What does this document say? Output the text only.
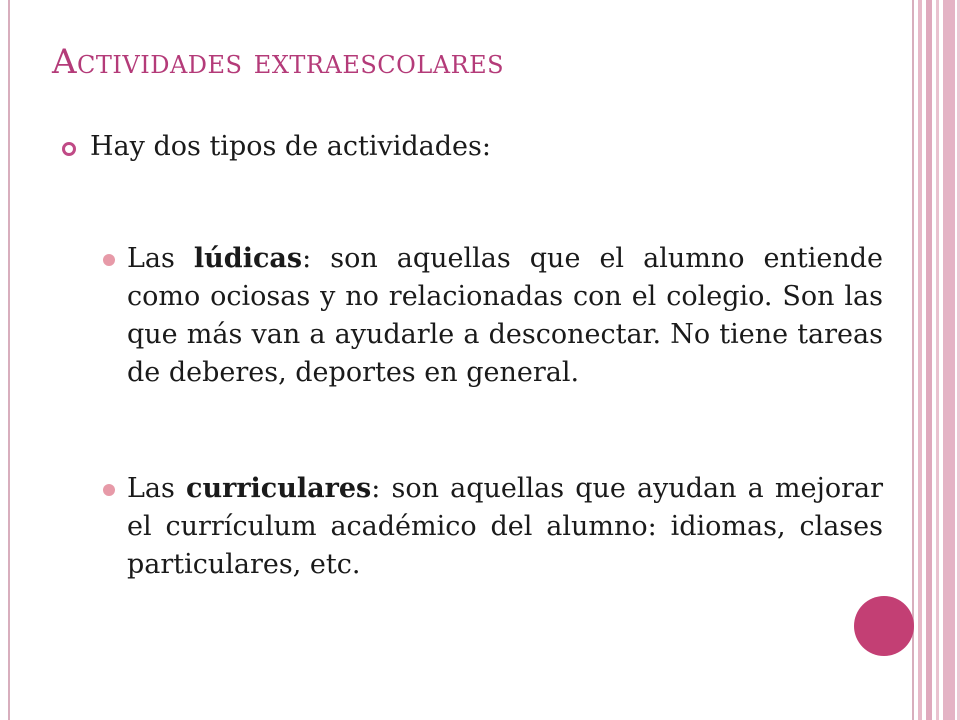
Actividades extraescolares
Hay dos tipos de actividades:
Las lúdicas: son aquellas que el alumno entiende como ociosas y no relacionadas con el colegio. Son las que más van a ayudarle a desconectar. No tiene tareas de deberes, deportes en general.
Las curriculares: son aquellas que ayudan a mejorar el currículum académico del alumno: idiomas, clases particulares, etc.
